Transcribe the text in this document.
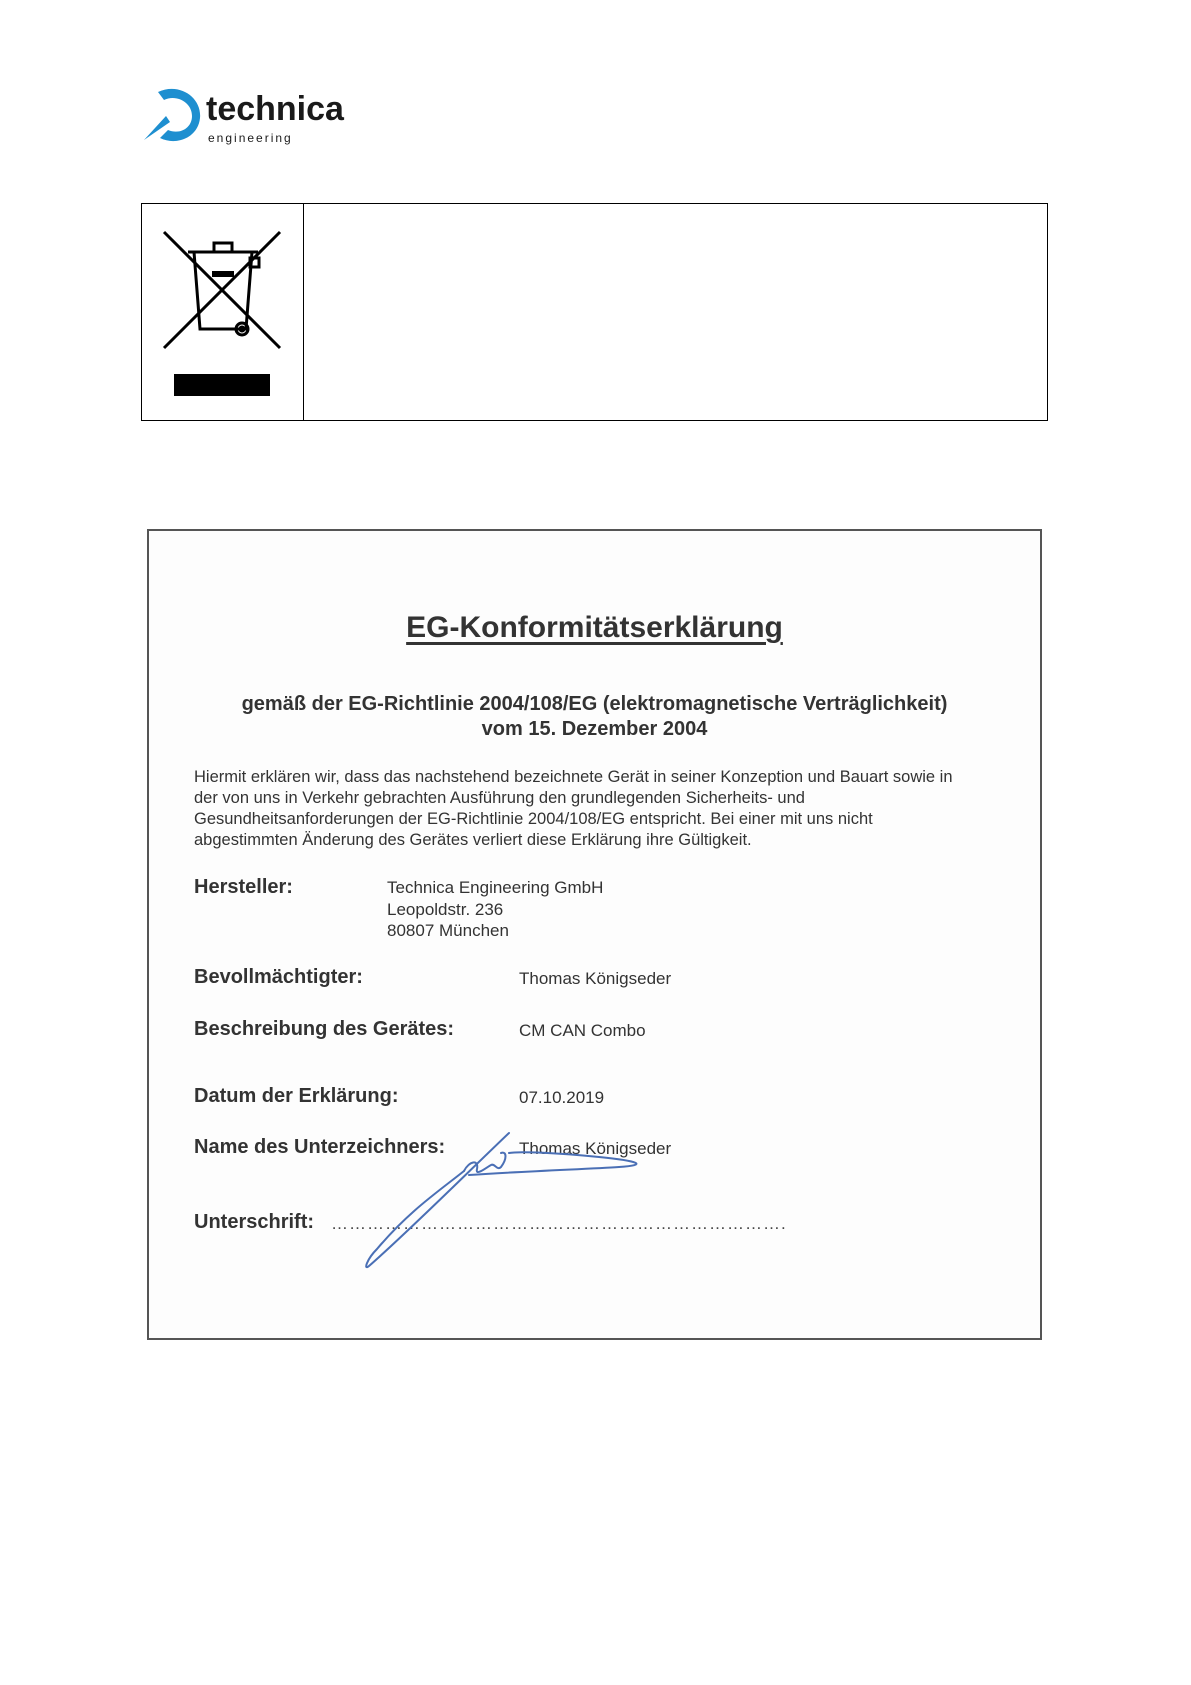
technica
engineering
EG-Konformitätserklärung
gemäß der EG-Richtlinie 2004/108/EG (elektromagnetische Verträglichkeit)
vom 15. Dezember 2004
Hiermit erklären wir, dass das nachstehend bezeichnete Gerät in seiner Konzeption und Bauart sowie in der von uns in Verkehr gebrachten Ausführung den grundlegenden Sicherheits- und Gesundheitsanforderungen der EG-Richtlinie 2004/108/EG entspricht. Bei einer mit uns nicht abgestimmten Änderung des Gerätes verliert diese Erklärung ihre Gültigkeit.
Hersteller:	Technica Engineering GmbH
Leopoldstr. 236
80807 München
Bevollmächtigter:	Thomas Königseder
Beschreibung des Gerätes:	CM CAN Combo
Datum der Erklärung:	07.10.2019
Name des Unterzeichners:	Thomas Königseder
Unterschrift: ………………………………………………………………….
